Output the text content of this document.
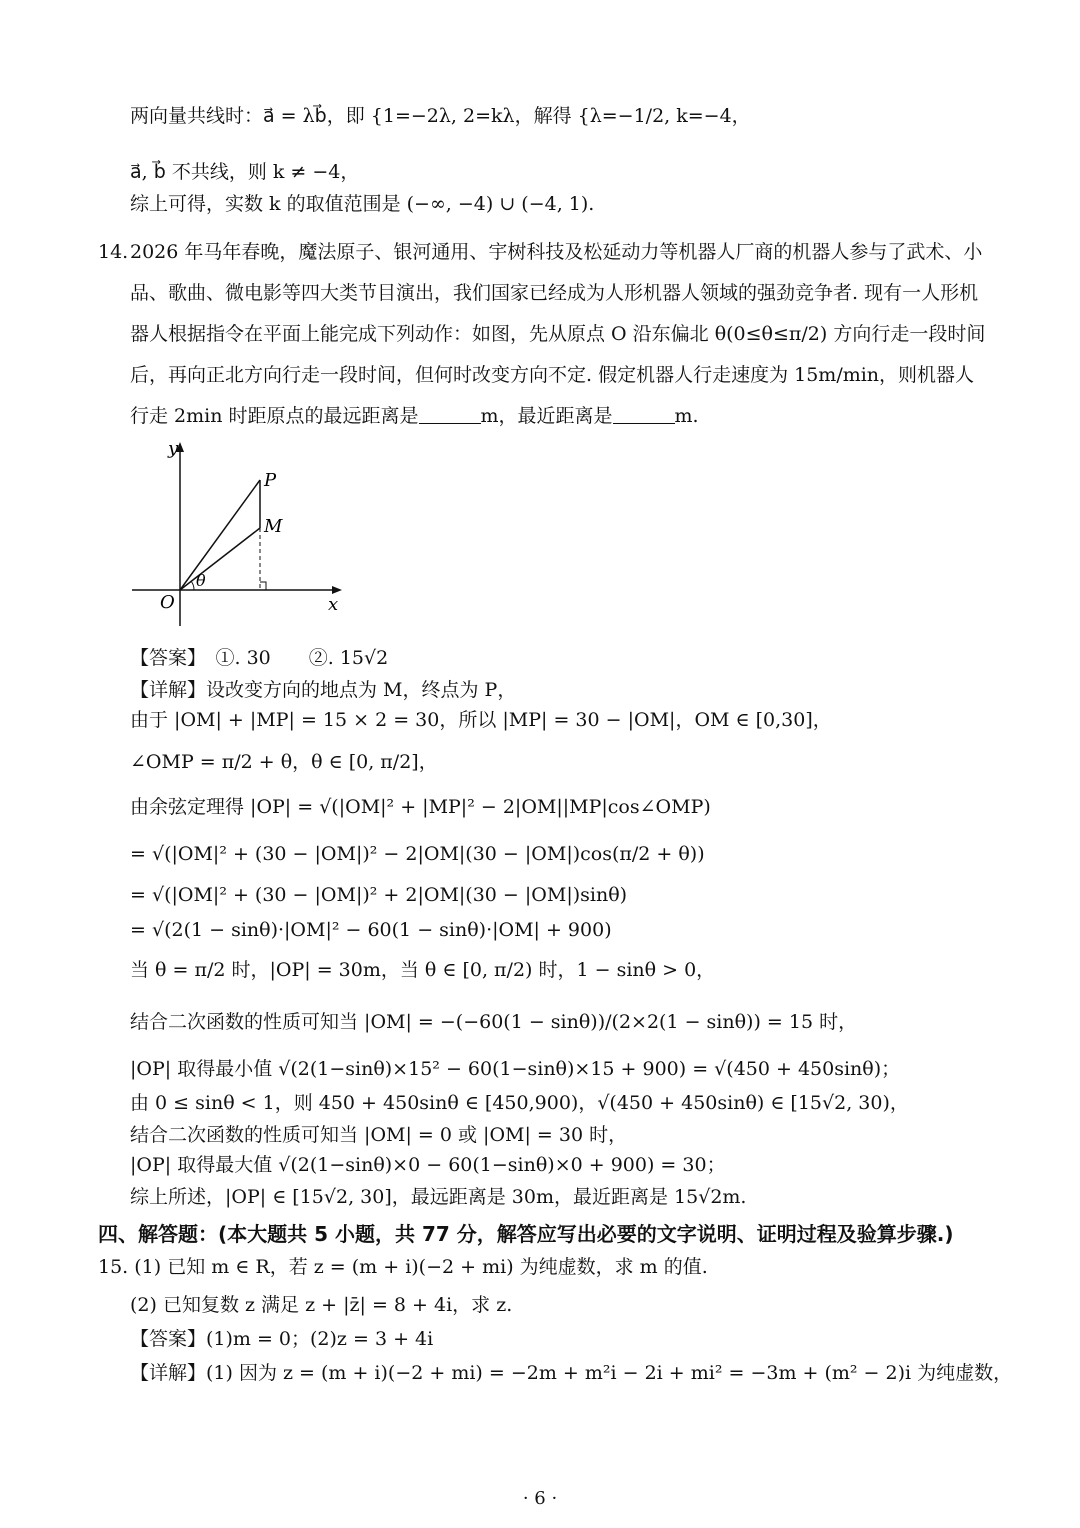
两向量共线时：a⃗ = λb⃗，即 {1=−2λ, 2=kλ，解得 {λ=−1/2, k=−4，
a⃗, b⃗ 不共线，则 k ≠ −4，
综上可得，实数 k 的取值范围是 (−∞, −4) ∪ (−4, 1).
14. 2026 年马年春晚，魔法原子、银河通用、宇树科技及松延动力等机器人厂商的机器人参与了武术、小品、歌曲、微电影等四大类节目演出，我们国家已经成为人形机器人领域的强劲竞争者. 现有一人形机器人根据指令在平面上能完成下列动作：如图，先从原点 O 沿东偏北 θ(0≤θ≤π/2) 方向行走一段时间后，再向正北方向行走一段时间，但何时改变方向不定. 假定机器人行走速度为 15m/min，则机器人行走 2min 时距原点的最远距离是	m，最近距离是	m.
y
x
O
P
M
θ
【答案】　①. 30　　②. 15√2
【详解】设改变方向的地点为 M，终点为 P，
由于 |OM| + |MP| = 15 × 2 = 30，所以 |MP| = 30 − |OM|，OM ∈ [0,30]，
∠OMP = π/2 + θ，θ ∈ [0, π/2]，
由余弦定理得 |OP| = √(|OM|² + |MP|² − 2|OM||MP|cos∠OMP)
= √(|OM|² + (30 − |OM|)² − 2|OM|(30 − |OM|)cos(π/2 + θ))
= √(|OM|² + (30 − |OM|)² + 2|OM|(30 − |OM|)sinθ)
= √(2(1 − sinθ)·|OM|² − 60(1 − sinθ)·|OM| + 900)
当 θ = π/2 时，|OP| = 30m，当 θ ∈ [0, π/2) 时，1 − sinθ > 0，
结合二次函数的性质可知当 |OM| = −(−60(1 − sinθ))/(2×2(1 − sinθ)) = 15 时，
|OP| 取得最小值 √(2(1−sinθ)×15² − 60(1−sinθ)×15 + 900) = √(450 + 450sinθ)；
由 0 ≤ sinθ < 1，则 450 + 450sinθ ∈ [450,900)，√(450 + 450sinθ) ∈ [15√2, 30)，
结合二次函数的性质可知当 |OM| = 0 或 |OM| = 30 时，
|OP| 取得最大值 √(2(1−sinθ)×0 − 60(1−sinθ)×0 + 900) = 30；
综上所述，|OP| ∈ [15√2, 30]，最远距离是 30m，最近距离是 15√2m.
四、解答题：(本大题共 5 小题，共 77 分，解答应写出必要的文字说明、证明过程及验算步骤.)
15. (1) 已知 m ∈ R，若 z = (m + i)(−2 + mi) 为纯虚数，求 m 的值.
(2) 已知复数 z 满足 z + |z̄| = 8 + 4i，求 z.
【答案】(1)m = 0；(2)z = 3 + 4i
【详解】(1) 因为 z = (m + i)(−2 + mi) = −2m + m²i − 2i + mi² = −3m + (m² − 2)i 为纯虚数，
· 6 ·
